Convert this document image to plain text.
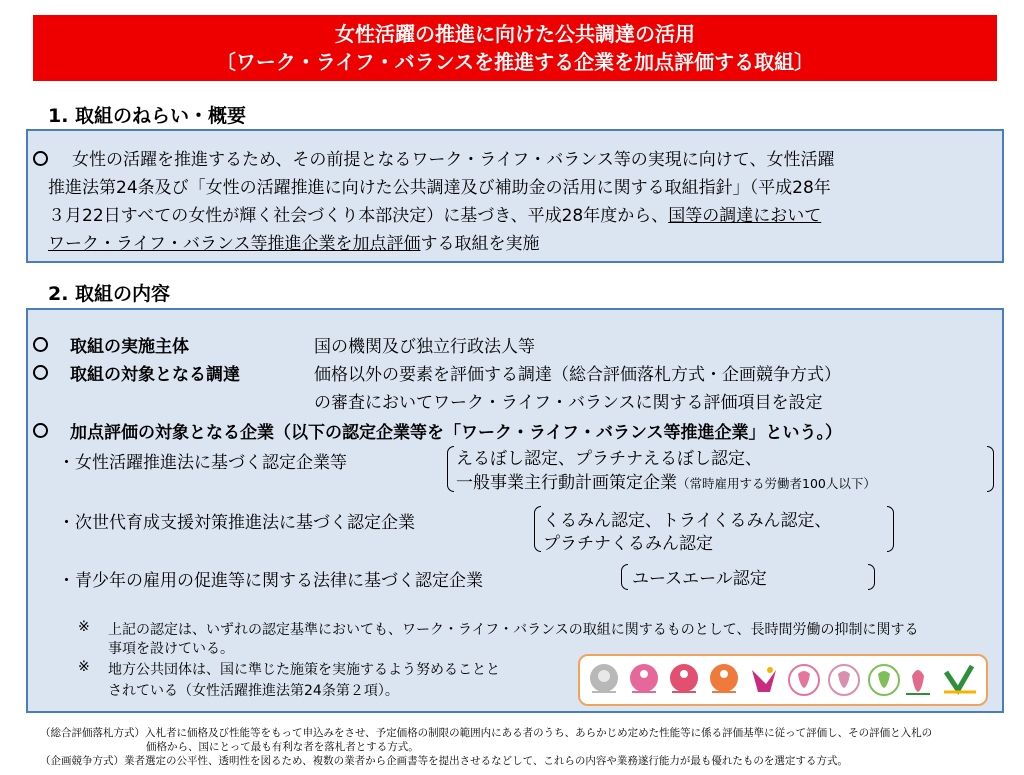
女性活躍の推進に向けた公共調達の活用
〔ワーク・ライフ・バランスを推進する企業を加点評価する取組〕
1. 取組のねらい・概要
女性の活躍を推進するため、その前提となるワーク・ライフ・バランス等の実現に向けて、女性活躍
推進法第24条及び「女性の活躍推進に向けた公共調達及び補助金の活用に関する取組指針」（平成28年
３月22日すべての女性が輝く社会づくり本部決定）に基づき、平成28年度から、国等の調達において
ワーク・ライフ・バランス等推進企業を加点評価する取組を実施
2. 取組の内容
取組の実施主体	国の機関及び独立行政法人等
取組の対象となる調達	価格以外の要素を評価する調達（総合評価落札方式・企画競争方式）
の審査においてワーク・ライフ・バランスに関する評価項目を設定
加点評価の対象となる企業（以下の認定企業等を「ワーク・ライフ・バランス等推進企業」という。）
・女性活躍推進法に基づく認定企業等	えるぼし認定、プラチナえるぼし認定、
一般事業主行動計画策定企業（常時雇用する労働者100人以下）
・次世代育成支援対策推進法に基づく認定企業	くるみん認定、トライくるみん認定、
プラチナくるみん認定
・青少年の雇用の促進等に関する法律に基づく認定企業	ユースエール認定
※ 上記の認定は、いずれの認定基準においても、ワーク・ライフ・バランスの取組に関するものとして、長時間労働の抑制に関する
事項を設けている。
※ 地方公共団体は、国に準じた施策を実施するよう努めることと
されている（女性活躍推進法第24条第２項）。
（総合評価落札方式）入札者に価格及び性能等をもって申込みをさせ、予定価格の制限の範囲内にある者のうち、あらかじめ定めた性能等に係る評価基準に従って評価し、その評価と入札の
価格から、国にとって最も有利な者を落札者とする方式。
（企画競争方式）業者選定の公平性、透明性を図るため、複数の業者から企画書等を提出させるなどして、これらの内容や業務遂行能力が最も優れたものを選定する方式。
